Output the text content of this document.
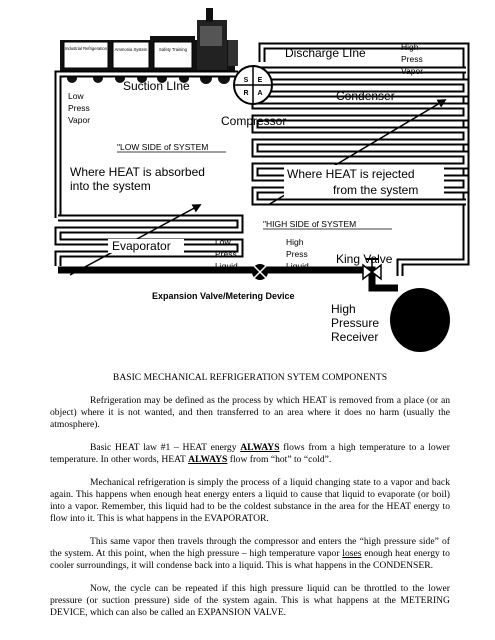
Industrial Refrigeration Ammonia System	Safety Training
S E
R A
Discharge LIne	High Press Vapor
Suction LIne
Low Press Vapor
Condenser
Compressor
"LOW SIDE of SYSTEM
Where HEAT is absorbed into the system
Where HEAT is rejected from the system
"HIGH SIDE of SYSTEM
Evaporator	Low Press Liquid
High Press Liquid King Valve
Expansion Valve/Metering Device
High Pressure Receiver
BASIC MECHANICAL REFRIGERATION SYTEM COMPONENTS

Refrigeration may be defined as the process by which HEAT is removed from a place (or an object) where it is not wanted, and then transferred to an area where it does no harm (usually the atmosphere).

Basic HEAT law #1 – HEAT energy ALWAYS flows from a high temperature to a lower temperature. In other words, HEAT ALWAYS flow from “hot” to “cold”.

Mechanical refrigeration is simply the process of a liquid changing state to a vapor and back again. This happens when enough heat energy enters a liquid to cause that liquid to evaporate (or boil) into a vapor. Remember, this liquid had to be the coldest substance in the area for the HEAT energy to flow into it. This is what happens in the EVAPORATOR.

This same vapor then travels through the compressor and enters the “high pressure side” of the system. At this point, when the high pressure – high temperature vapor loses enough heat energy to cooler surroundings, it will condense back into a liquid. This is what happens in the CONDENSER.

Now, the cycle can be repeated if this high pressure liquid can be throttled to the lower pressure (or suction pressure) side of the system again. This is what happens at the METERING DEVICE, which can also be called an EXPANSION VALVE.
